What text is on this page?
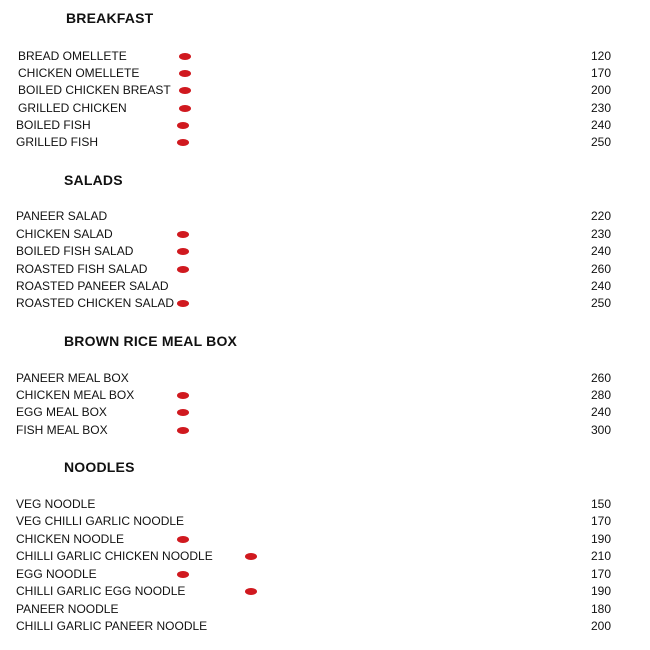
BREAKFAST
BREAD OMELLETE	120
CHICKEN OMELLETE	170
BOILED CHICKEN BREAST	200
GRILLED CHICKEN	230
BOILED FISH	240
GRILLED FISH	250
SALADS
PANEER SALAD	220
CHICKEN SALAD	230
BOILED FISH SALAD	240
ROASTED FISH SALAD	260
ROASTED PANEER SALAD	240
ROASTED CHICKEN SALAD	250
BROWN RICE MEAL BOX
PANEER MEAL BOX	260
CHICKEN MEAL BOX	280
EGG MEAL BOX	240
FISH MEAL BOX	300
NOODLES
VEG NOODLE	150
VEG CHILLI GARLIC NOODLE	170
CHICKEN NOODLE	190
CHILLI GARLIC CHICKEN NOODLE	210
EGG NOODLE	170
CHILLI GARLIC EGG NOODLE	190
PANEER NOODLE	180
CHILLI GARLIC PANEER NOODLE	200
